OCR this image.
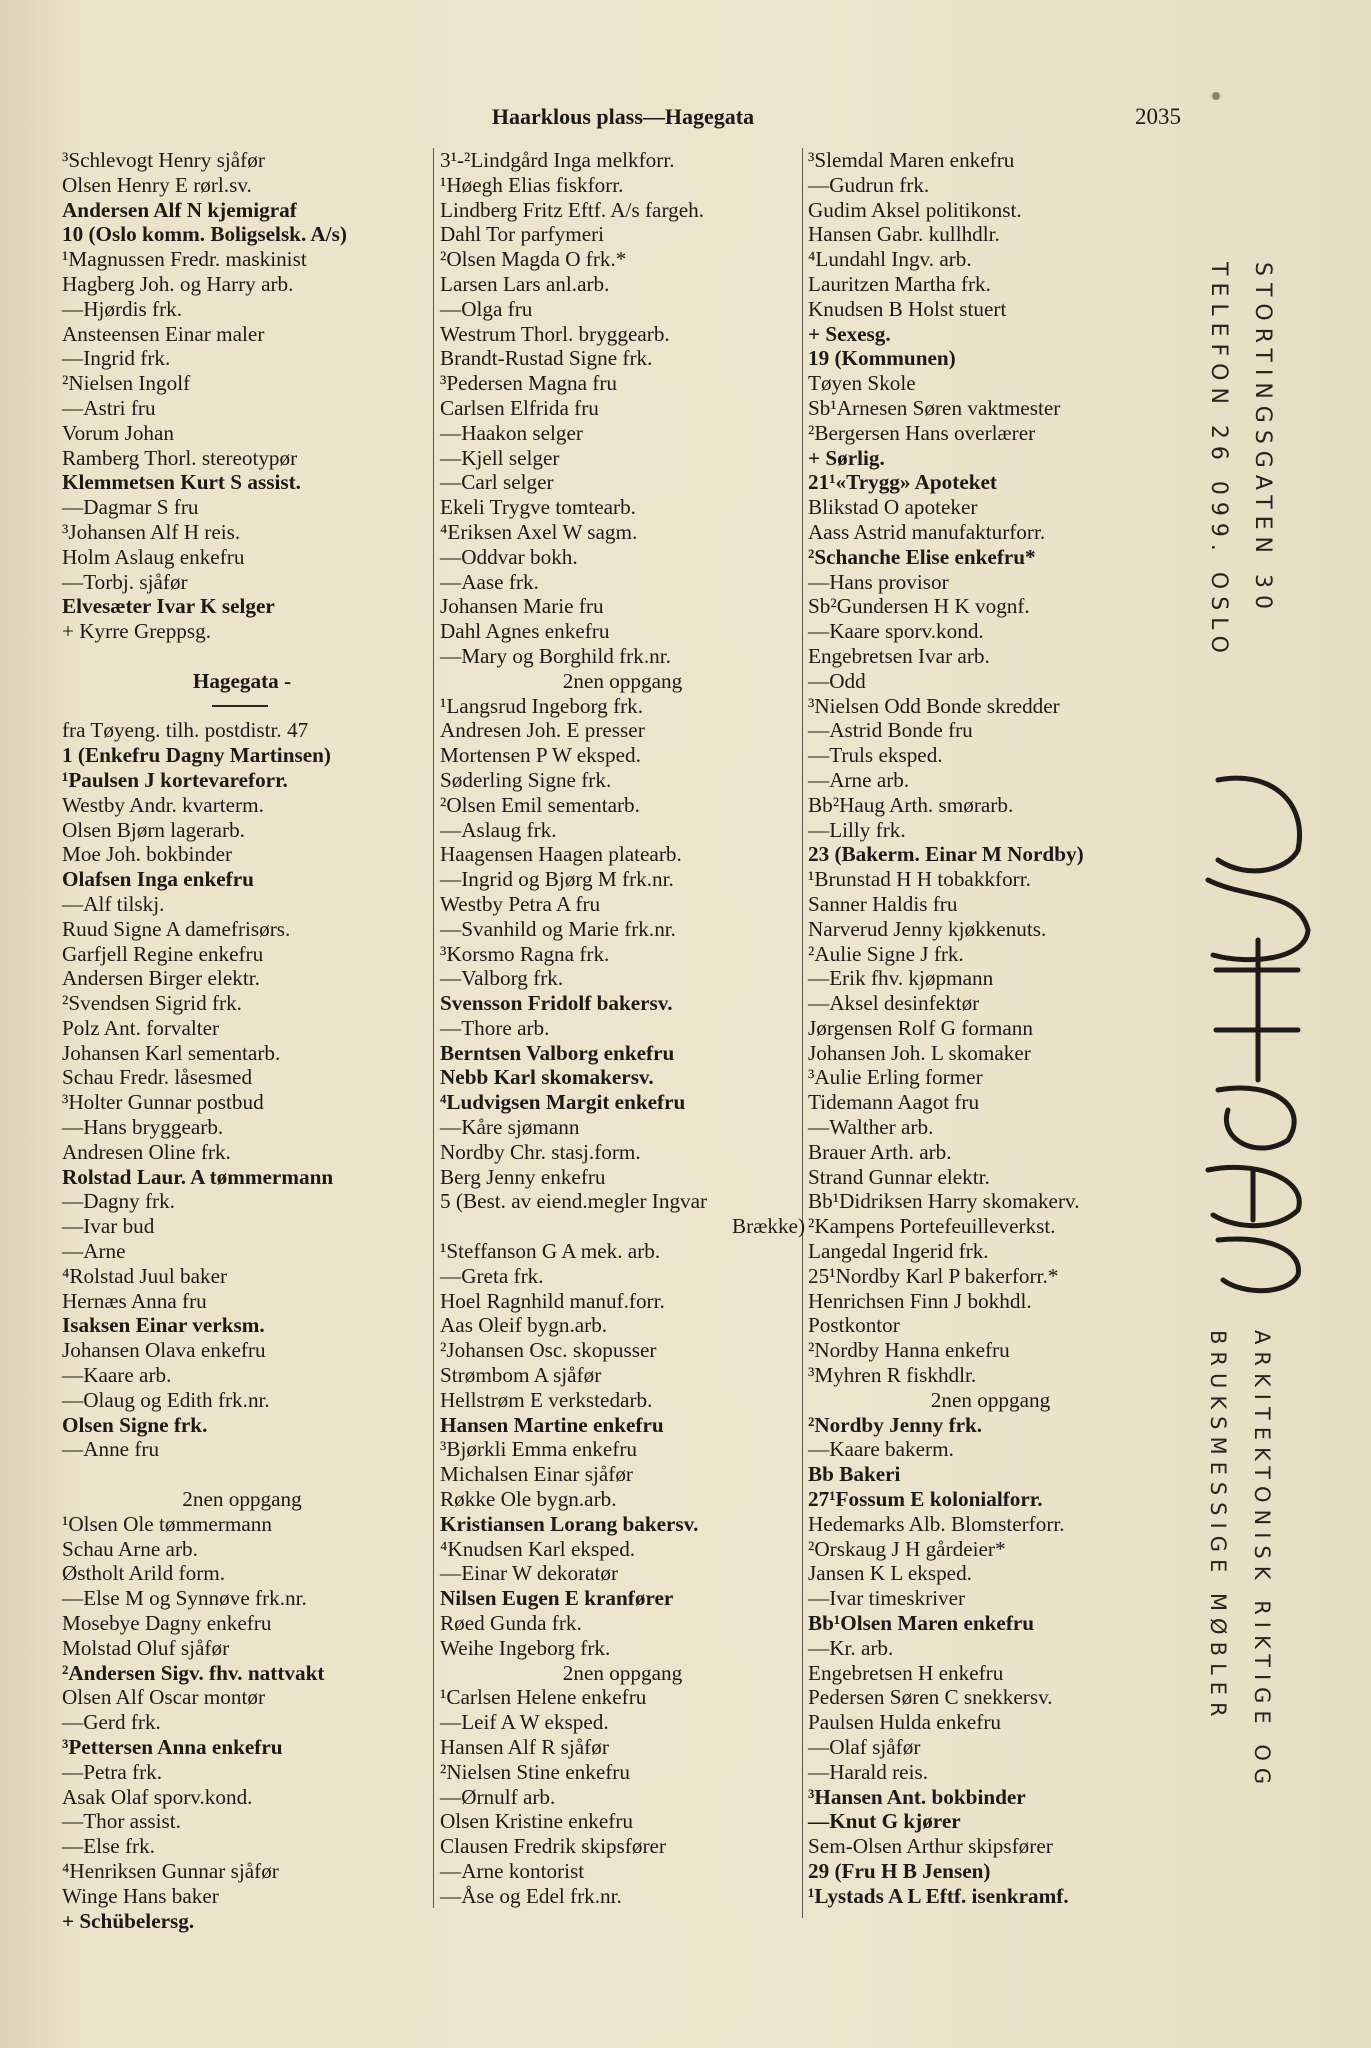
Haarklous plass—Hagegata	2035
³Schlevogt Henry sjåfør
Olsen Henry E rørl.sv.
Andersen Alf N kjemigraf
10 (Oslo komm. Boligselsk. A/s)
¹Magnussen Fredr. maskinist
Hagberg Joh. og Harry arb.
—Hjørdis frk.
Ansteensen Einar maler
—Ingrid frk.
²Nielsen Ingolf
—Astri fru
Vorum Johan
Ramberg Thorl. stereotypør
Klemmetsen Kurt S assist.
—Dagmar S fru
³Johansen Alf H reis.
Holm Aslaug enkefru
—Torbj. sjåfør
Elvesæter Ivar K selger
+ Kyrre Greppsg.
Hagegata -
fra Tøyeng. tilh. postdistr. 47
1 (Enkefru Dagny Martinsen)
¹Paulsen J kortevareforr.
Westby Andr. kvarterm.
Olsen Bjørn lagerarb.
Moe Joh. bokbinder
Olafsen Inga enkefru
—Alf tilskj.
Ruud Signe A damefrisørs.
Garfjell Regine enkefru
Andersen Birger elektr.
²Svendsen Sigrid frk.
Polz Ant. forvalter
Johansen Karl sementarb.
Schau Fredr. låsesmed
³Holter Gunnar postbud
—Hans bryggearb.
Andresen Oline frk.
Rolstad Laur. A tømmermann
—Dagny frk.
—Ivar bud
—Arne
⁴Rolstad Juul baker
Hernæs Anna fru
Isaksen Einar verksm.
Johansen Olava enkefru
—Kaare arb.
—Olaug og Edith frk.nr.
Olsen Signe frk.
—Anne fru
2nen oppgang
¹Olsen Ole tømmermann
Schau Arne arb.
Østholt Arild form.
—Else M og Synnøve frk.nr.
Mosebye Dagny enkefru
Molstad Oluf sjåfør
²Andersen Sigv. fhv. nattvakt
Olsen Alf Oscar montør
—Gerd frk.
³Pettersen Anna enkefru
—Petra frk.
Asak Olaf sporv.kond.
—Thor assist.
—Else frk.
⁴Henriksen Gunnar sjåfør
Winge Hans baker
+ Schübelersg.
3¹-²Lindgård Inga melkforr.
¹Høegh Elias fiskforr.
Lindberg Fritz Eftf. A/s fargeh.
Dahl Tor parfymeri
²Olsen Magda O frk.*
Larsen Lars anl.arb.
—Olga fru
Westrum Thorl. bryggearb.
Brandt-Rustad Signe frk.
³Pedersen Magna fru
Carlsen Elfrida fru
—Haakon selger
—Kjell selger
—Carl selger
Ekeli Trygve tomtearb.
⁴Eriksen Axel W sagm.
—Oddvar bokh.
—Aase frk.
Johansen Marie fru
Dahl Agnes enkefru
—Mary og Borghild frk.nr.
2nen oppgang
¹Langsrud Ingeborg frk.
Andresen Joh. E presser
Mortensen P W eksped.
Søderling Signe frk.
²Olsen Emil sementarb.
—Aslaug frk.
Haagensen Haagen platearb.
—Ingrid og Bjørg M frk.nr.
Westby Petra A fru
—Svanhild og Marie frk.nr.
³Korsmo Ragna frk.
—Valborg frk.
Svensson Fridolf bakersv.
—Thore arb.
Berntsen Valborg enkefru
Nebb Karl skomakersv.
⁴Ludvigsen Margit enkefru
—Kåre sjømann
Nordby Chr. stasj.form.
Berg Jenny enkefru
5 (Best. av eiend.megler Ingvar
Brække)
¹Steffanson G A mek. arb.
—Greta frk.
Hoel Ragnhild manuf.forr.
Aas Oleif bygn.arb.
²Johansen Osc. skopusser
Strømbom A sjåfør
Hellstrøm E verkstedarb.
Hansen Martine enkefru
³Bjørkli Emma enkefru
Michalsen Einar sjåfør
Røkke Ole bygn.arb.
Kristiansen Lorang bakersv.
⁴Knudsen Karl eksped.
—Einar W dekoratør
Nilsen Eugen E kranfører
Røed Gunda frk.
Weihe Ingeborg frk.
2nen oppgang
¹Carlsen Helene enkefru
—Leif A W eksped.
Hansen Alf R sjåfør
²Nielsen Stine enkefru
—Ørnulf arb.
Olsen Kristine enkefru
Clausen Fredrik skipsfører
—Arne kontorist
—Åse og Edel frk.nr.
³Slemdal Maren enkefru
—Gudrun frk.
Gudim Aksel politikonst.
Hansen Gabr. kullhdlr.
⁴Lundahl Ingv. arb.
Lauritzen Martha frk.
Knudsen B Holst stuert
+ Sexesg.
19 (Kommunen)
Tøyen Skole
Sb¹Arnesen Søren vaktmester
²Bergersen Hans overlærer
+ Sørlig.
21¹«Trygg» Apoteket
Blikstad O apoteker
Aass Astrid manufakturforr.
²Schanche Elise enkefru*
—Hans provisor
Sb²Gundersen H K vognf.
—Kaare sporv.kond.
Engebretsen Ivar arb.
—Odd
³Nielsen Odd Bonde skredder
—Astrid Bonde fru
—Truls eksped.
—Arne arb.
Bb²Haug Arth. smørarb.
—Lilly frk.
23 (Bakerm. Einar M Nordby)
¹Brunstad H H tobakkforr.
Sanner Haldis fru
Narverud Jenny kjøkkenuts.
²Aulie Signe J frk.
—Erik fhv. kjøpmann
—Aksel desinfektør
Jørgensen Rolf G formann
Johansen Joh. L skomaker
³Aulie Erling former
Tidemann Aagot fru
—Walther arb.
Brauer Arth. arb.
Strand Gunnar elektr.
Bb¹Didriksen Harry skomakerv.
²Kampens Portefeuilleverkst.
Langedal Ingerid frk.
25¹Nordby Karl P bakerforr.*
Henrichsen Finn J bokhdl.
Postkontor
²Nordby Hanna enkefru
³Myhren R fiskhdlr.
2nen oppgang
²Nordby Jenny frk.
—Kaare bakerm.
Bb Bakeri
27¹Fossum E kolonialforr.
Hedemarks Alb. Blomsterforr.
²Orskaug J H gårdeier*
Jansen K L eksped.
—Ivar timeskriver
Bb¹Olsen Maren enkefru
—Kr. arb.
Engebretsen H enkefru
Pedersen Søren C snekkersv.
Paulsen Hulda enkefru
—Olaf sjåfør
—Harald reis.
³Hansen Ant. bokbinder
—Knut G kjører
Sem-Olsen Arthur skipsfører
29 (Fru H B Jensen)
¹Lystads A L Eftf. isenkramf.
STORTINGSGATEN 30
TELEFON 26 099. OSLO
ARKITEKTONISK RIKTIGE OG
BRUKSMESSIGE MØBLER
